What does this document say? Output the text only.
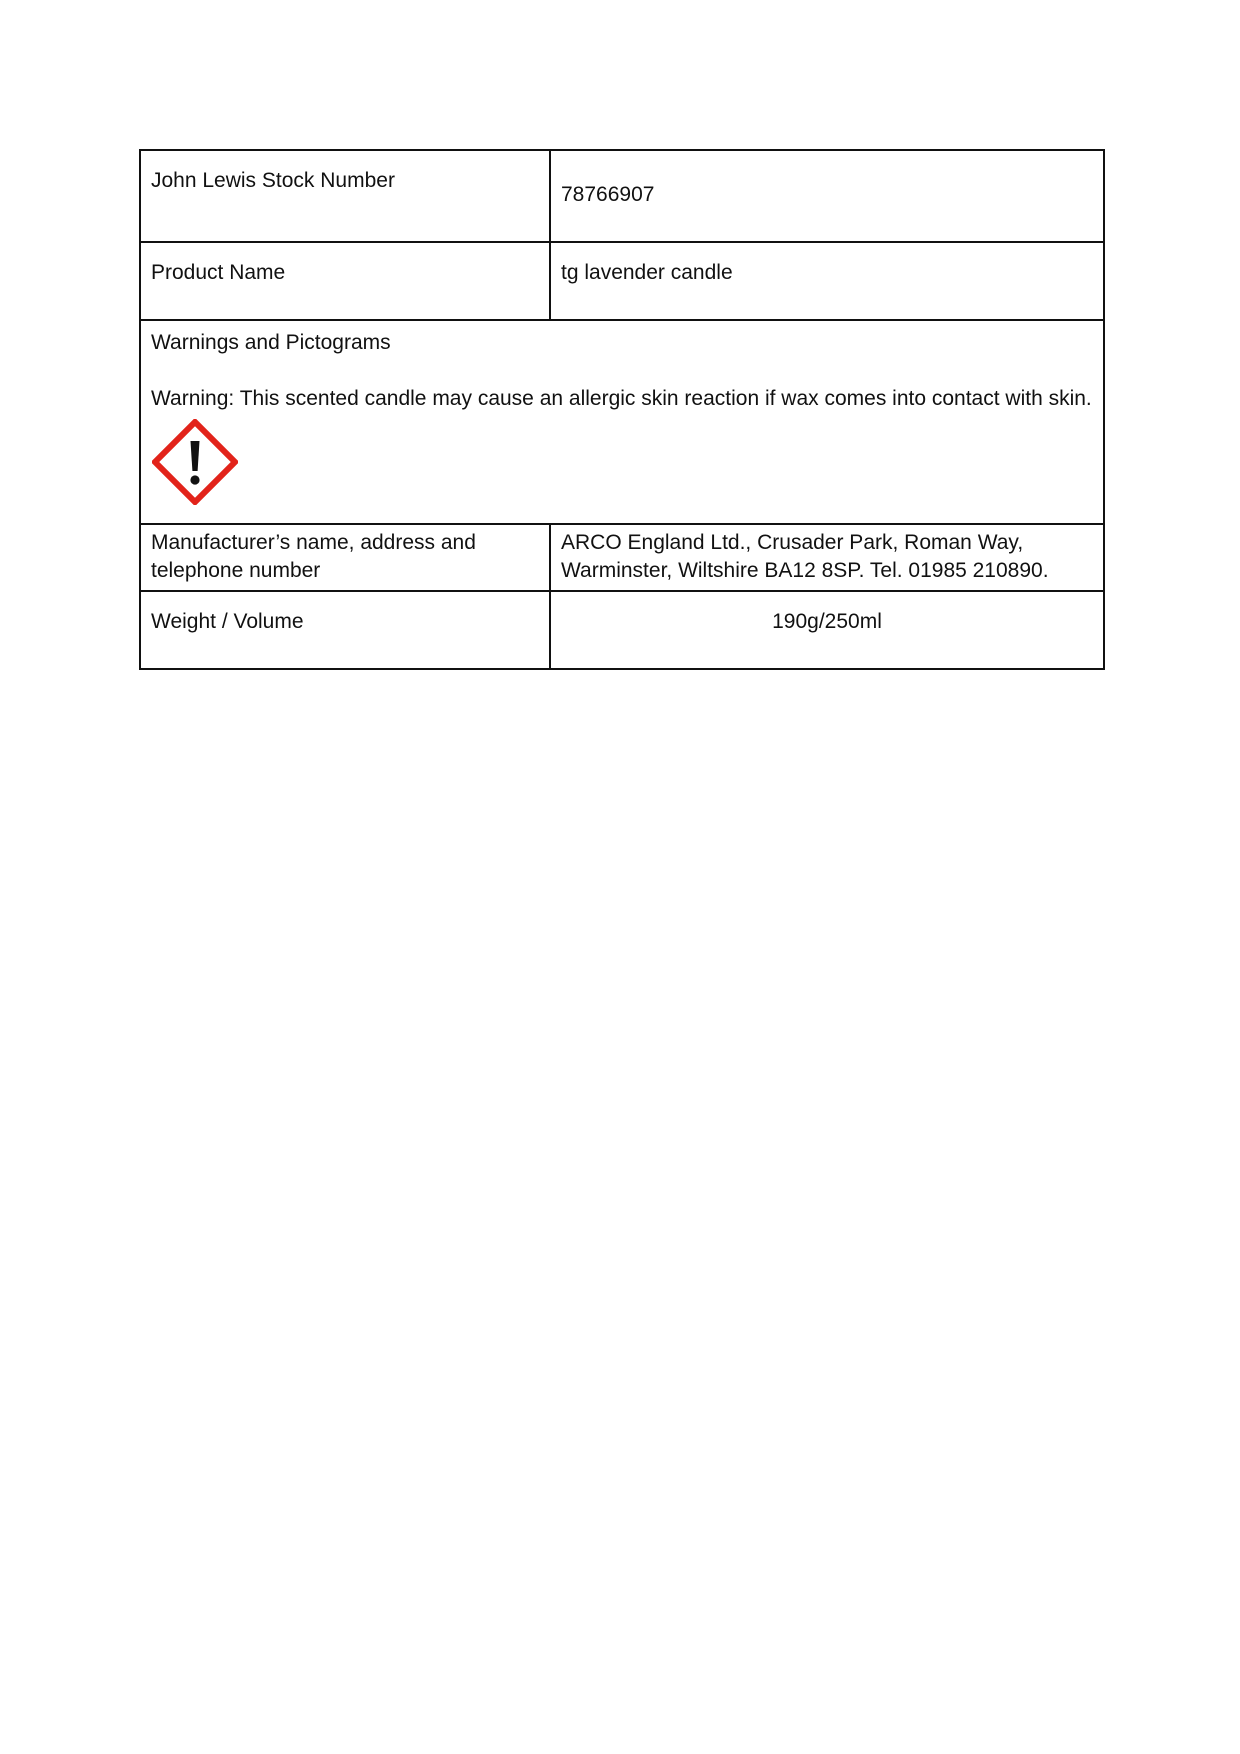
John Lewis Stock Number	78766907
Product Name	tg lavender candle

Warnings and Pictograms
Warning: This scented candle may cause an allergic skin reaction if wax comes into contact with skin.	

Manufacturer’s name, address and
telephone number	ARCO England Ltd., Crusader Park, Roman Way,
Warminster, Wiltshire BA12 8SP. Tel. 01985 210890.

Weight / Volume	190g/250ml
